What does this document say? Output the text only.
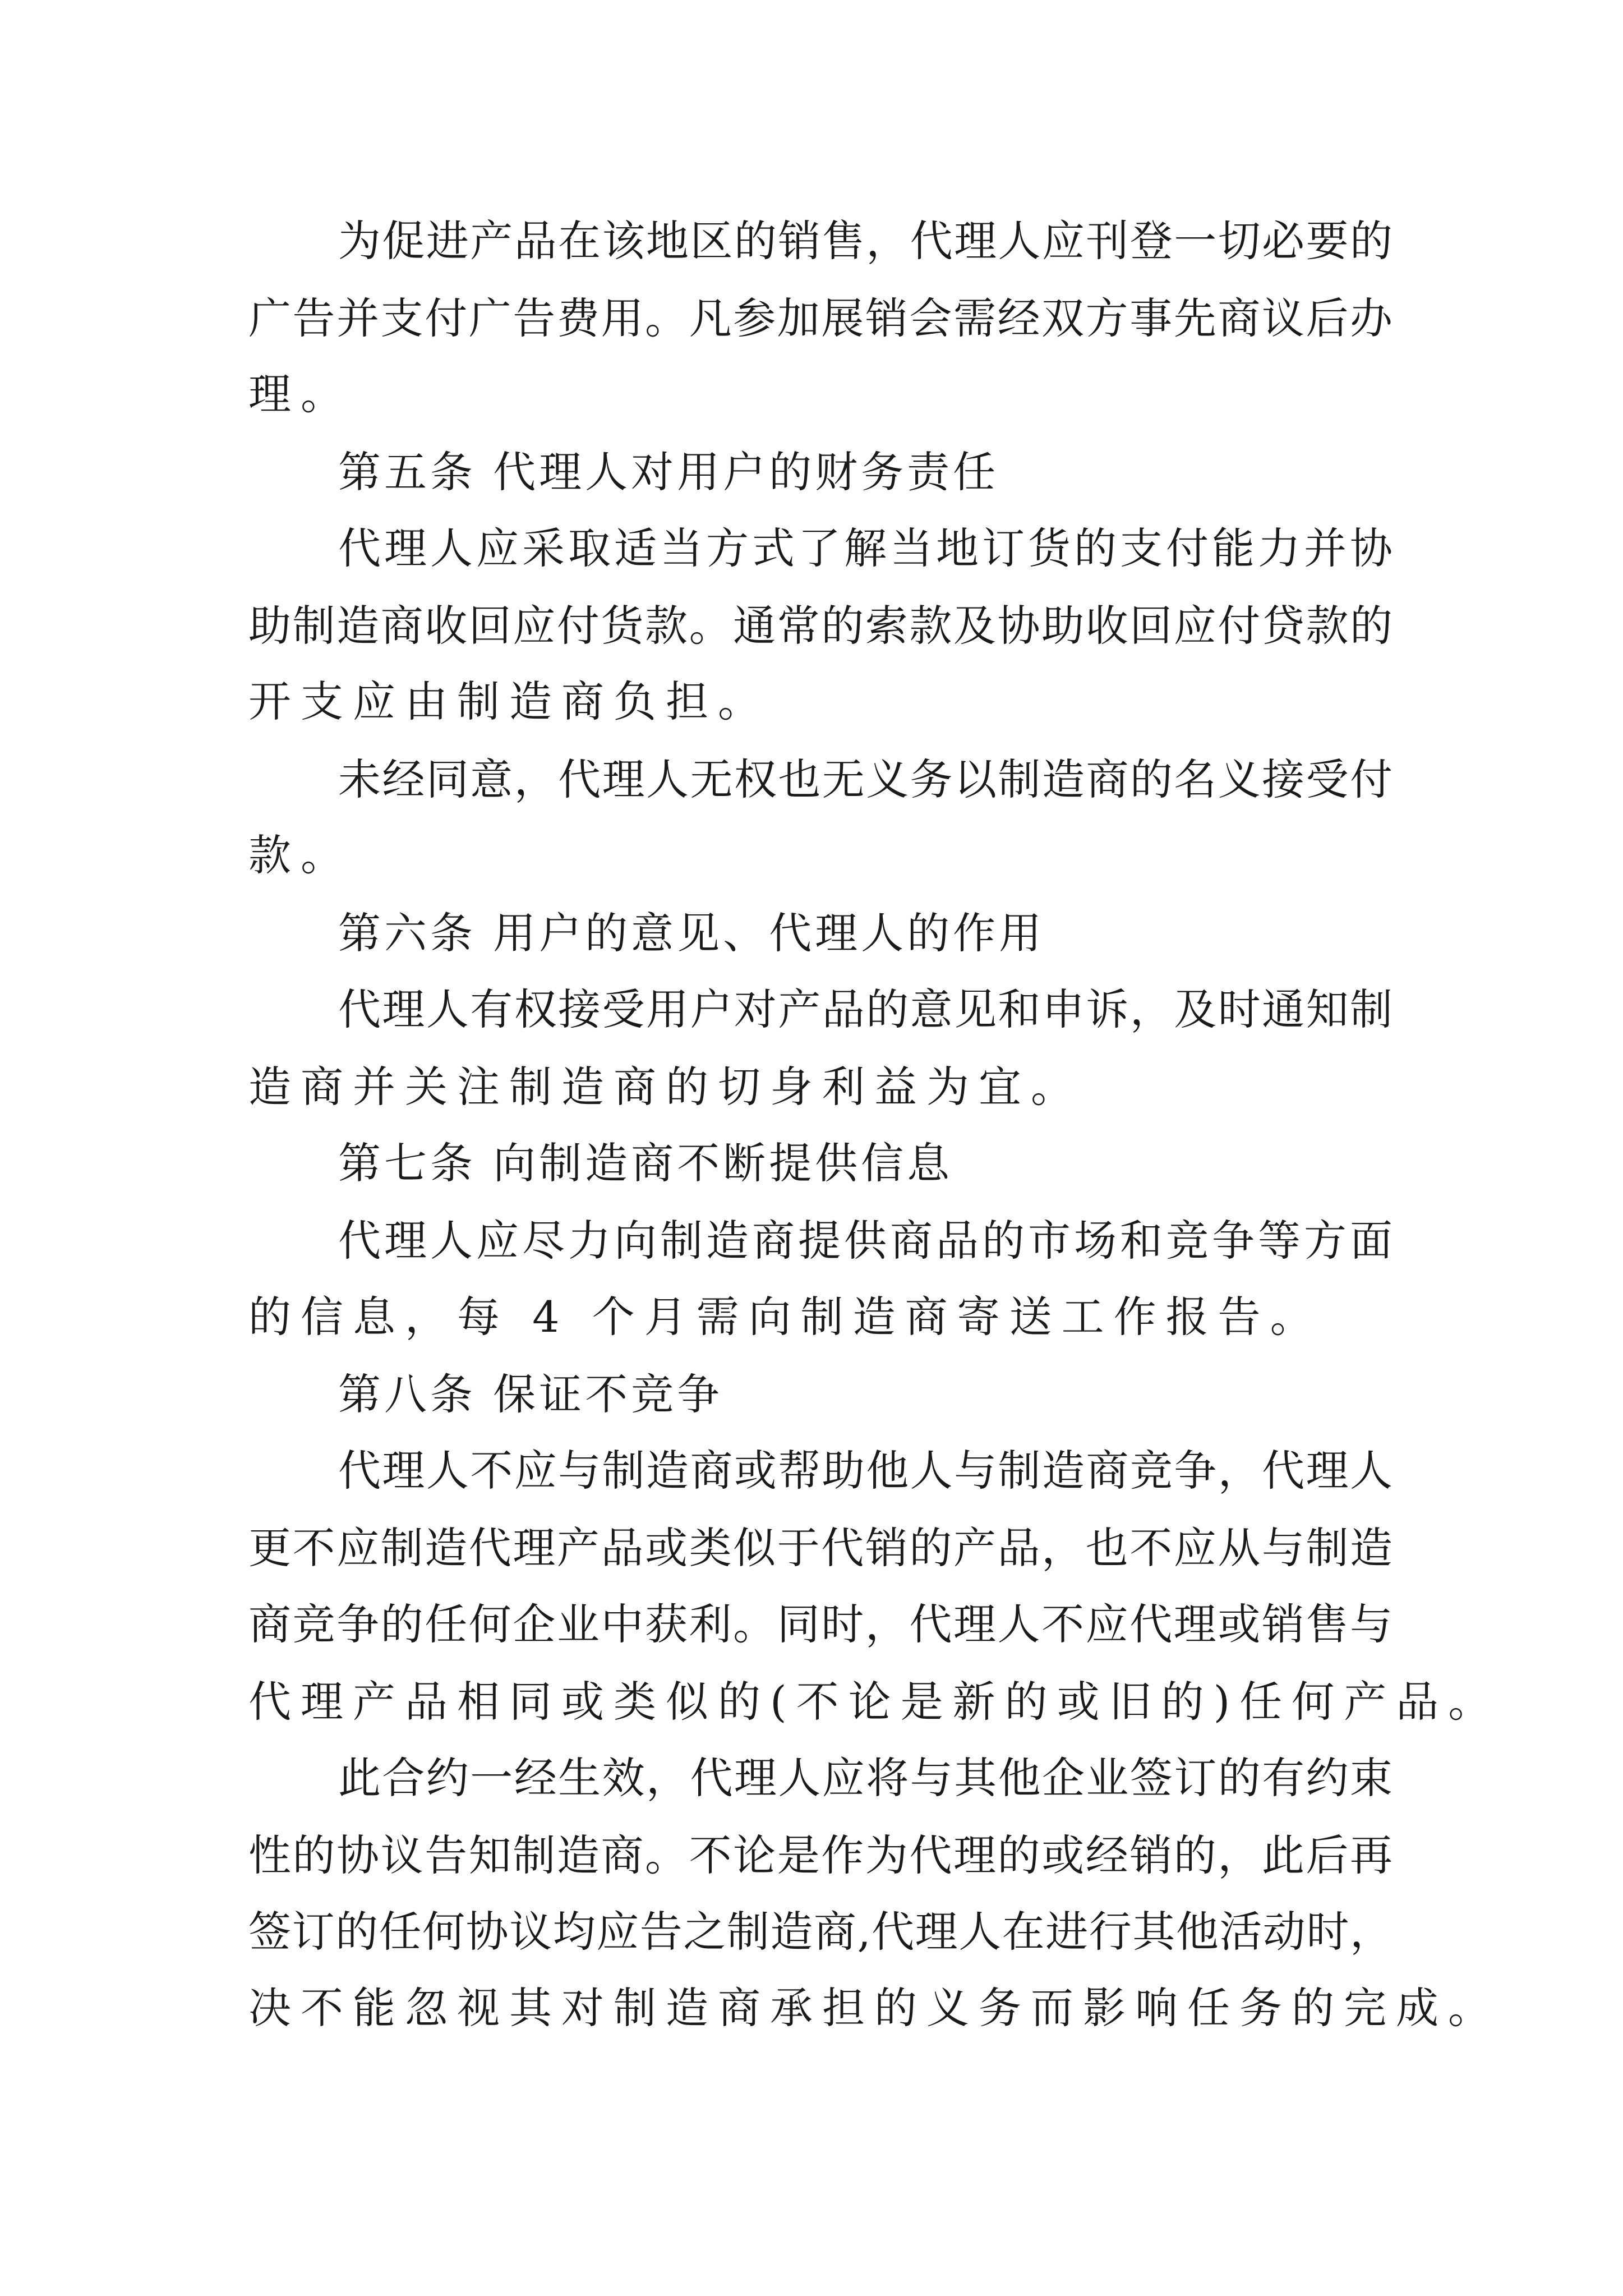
为促进产品在该地区的销售，代理人应刊登一切必要的
广告并支付广告费用。凡参加展销会需经双方事先商议后办
理。
第五条 代理人对用户的财务责任
代理人应采取适当方式了解当地订货的支付能力并协
助制造商收回应付货款。通常的索款及协助收回应付贷款的
开支应由制造商负担。
未经同意，代理人无权也无义务以制造商的名义接受付
款。
第六条 用户的意见、代理人的作用
代理人有权接受用户对产品的意见和申诉，及时通知制
造商并关注制造商的切身利益为宜。
第七条 向制造商不断提供信息
代理人应尽力向制造商提供商品的市场和竞争等方面
的信息，每 4 个月需向制造商寄送工作报告。
第八条 保证不竞争
代理人不应与制造商或帮助他人与制造商竞争，代理人
更不应制造代理产品或类似于代销的产品，也不应从与制造
商竞争的任何企业中获利。同时，代理人不应代理或销售与
代理产品相同或类似的(不论是新的或旧的)任何产品。
此合约一经生效，代理人应将与其他企业签订的有约束
性的协议告知制造商。不论是作为代理的或经销的，此后再
签订的任何协议均应告之制造商,代理人在进行其他活动时，
决不能忽视其对制造商承担的义务而影响任务的完成。
